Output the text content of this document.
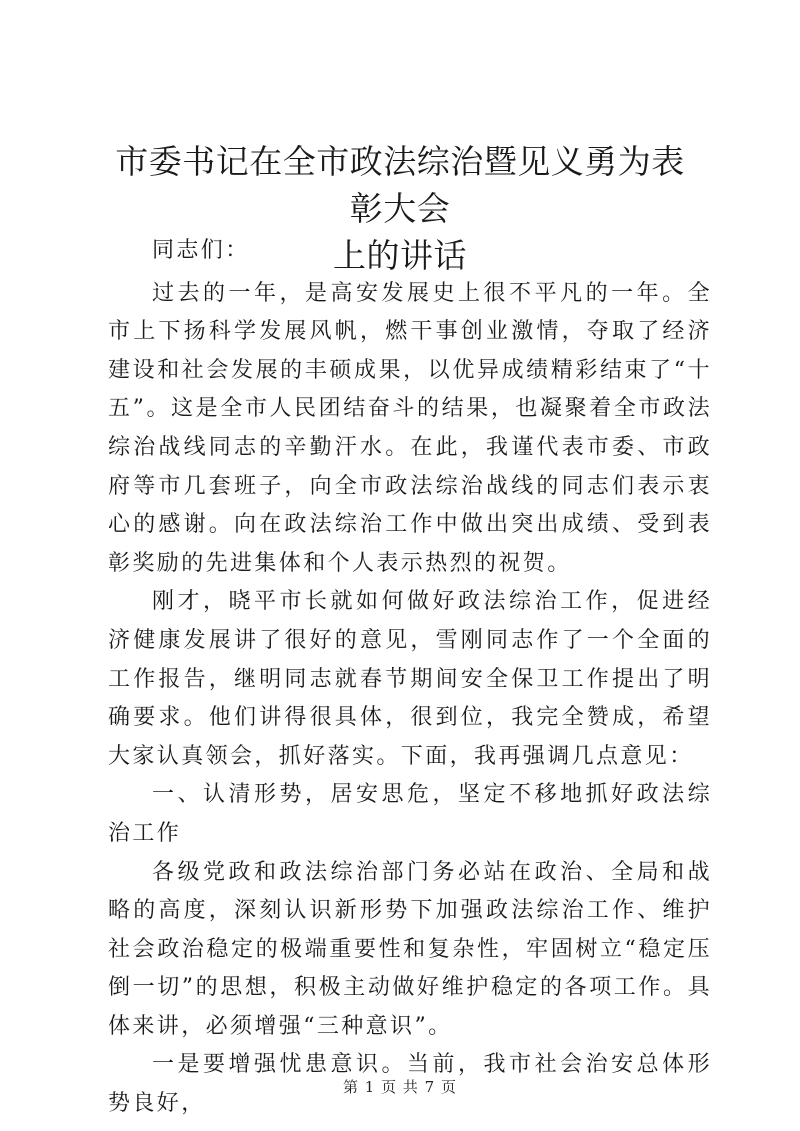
市委书记在全市政法综治暨见义勇为表彰大会
上的讲话

同志们：

过去的一年，是高安发展史上很不平凡的一年。全市上下扬科学发展风帆，燃干事创业激情，夺取了经济建设和社会发展的丰硕成果，以优异成绩精彩结束了“十五”。这是全市人民团结奋斗的结果，也凝聚着全市政法综治战线同志的辛勤汗水。在此，我谨代表市委、市政府等市几套班子，向全市政法综治战线的同志们表示衷心的感谢。向在政法综治工作中做出突出成绩、受到表彰奖励的先进集体和个人表示热烈的祝贺。

刚才，晓平市长就如何做好政法综治工作，促进经济健康发展讲了很好的意见，雪刚同志作了一个全面的工作报告，继明同志就春节期间安全保卫工作提出了明确要求。他们讲得很具体，很到位，我完全赞成，希望大家认真领会，抓好落实。下面，我再强调几点意见：

一、认清形势，居安思危，坚定不移地抓好政法综治工作

各级党政和政法综治部门务必站在政治、全局和战略的高度，深刻认识新形势下加强政法综治工作、维护社会政治稳定的极端重要性和复杂性，牢固树立“稳定压倒一切”的思想，积极主动做好维护稳定的各项工作。具体来讲，必须增强“三种意识”。

一是要增强忧患意识。当前，我市社会治安总体形势良好，

第 1 页 共 7 页
